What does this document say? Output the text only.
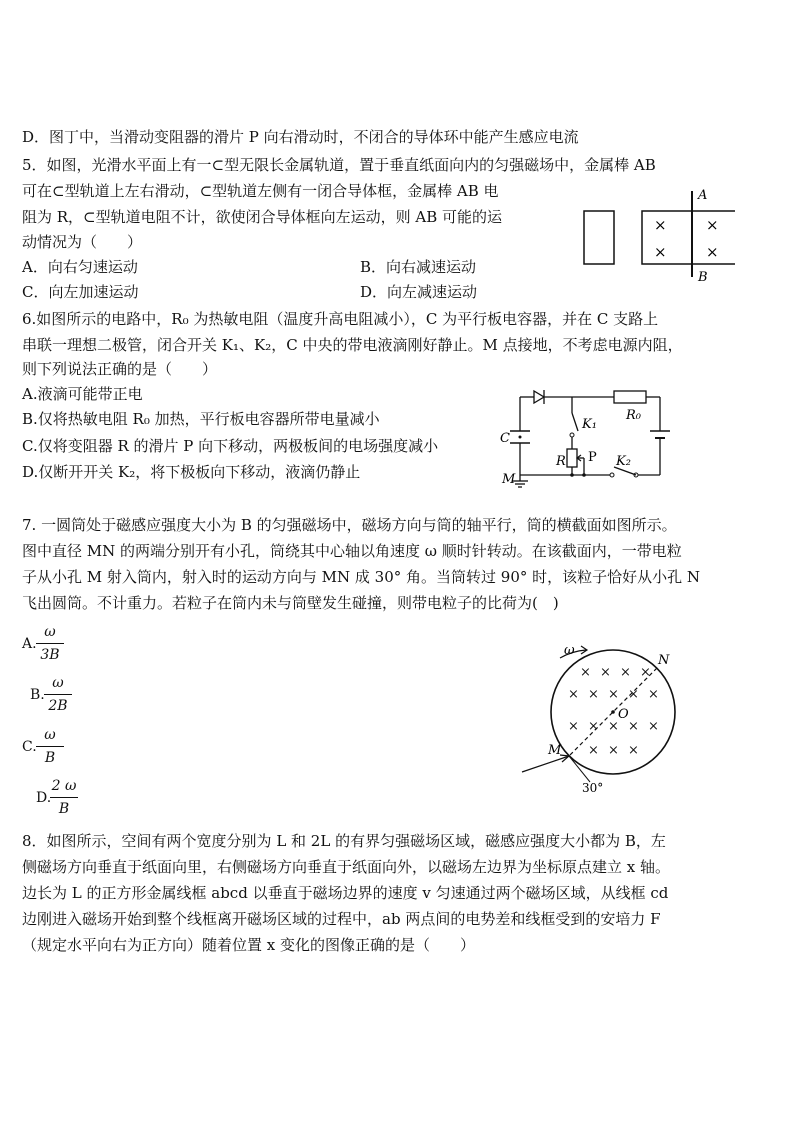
D．图丁中，当滑动变阻器的滑片 P 向右滑动时，不闭合的导体环中能产生感应电流
5．如图，光滑水平面上有一⊂型无限长金属轨道，置于垂直纸面向内的匀强磁场中，金属棒 AB
可在⊂型轨道上左右滑动，⊂型轨道左侧有一闭合导体框，金属棒 AB 电
阻为 R，⊂型轨道电阻不计，欲使闭合导体框向左运动，则 AB 可能的运
动情况为（　　）
A．向右匀速运动	B．向右减速运动
C．向左加速运动	D．向左减速运动
×	×
×	×
A
B
6.如图所示的电路中，R₀ 为热敏电阻（温度升高电阻减小），C 为平行板电容器，并在 C 支路上
串联一理想二极管，闭合开关 K₁、K₂，C 中央的带电液滴刚好静止。M 点接地，不考虑电源内阻，
则下列说法正确的是（　　）
A.液滴可能带正电
B.仅将热敏电阻 R₀ 加热，平行板电容器所带电量减小
C.仅将变阻器 R 的滑片 P 向下移动，两极板间的电场强度减小
D.仅断开开关 K₂，将下极板向下移动，液滴仍静止
K₁
R₀
C
R P K₂
M
7. 一圆筒处于磁感应强度大小为 B 的匀强磁场中，磁场方向与筒的轴平行，筒的横截面如图所示。
图中直径 MN 的两端分别开有小孔，筒绕其中心轴以角速度 ω 顺时针转动。在该截面内，一带电粒
子从小孔 M 射入筒内，射入时的运动方向与 MN 成 30° 角。当筒转过 90° 时，该粒子恰好从小孔 N
飞出圆筒。不计重力。若粒子在筒内未与筒壁发生碰撞，则带电粒子的比荷为(　)
A.
ω
3B
B.
ω
2B
C.
ω
B
D.
2 ω
B
ω
O
N
M
30°
× × × ×
× × × × ×
× × × × ×
× × ×
8．如图所示，空间有两个宽度分别为 L 和 2L 的有界匀强磁场区域，磁感应强度大小都为 B，左
侧磁场方向垂直于纸面向里，右侧磁场方向垂直于纸面向外，以磁场左边界为坐标原点建立 x 轴。
边长为 L 的正方形金属线框 abcd 以垂直于磁场边界的速度 v 匀速通过两个磁场区域，从线框 cd
边刚进入磁场开始到整个线框离开磁场区域的过程中，ab 两点间的电势差和线框受到的安培力 F
（规定水平向右为正方向）随着位置 x 变化的图像正确的是（　　）
